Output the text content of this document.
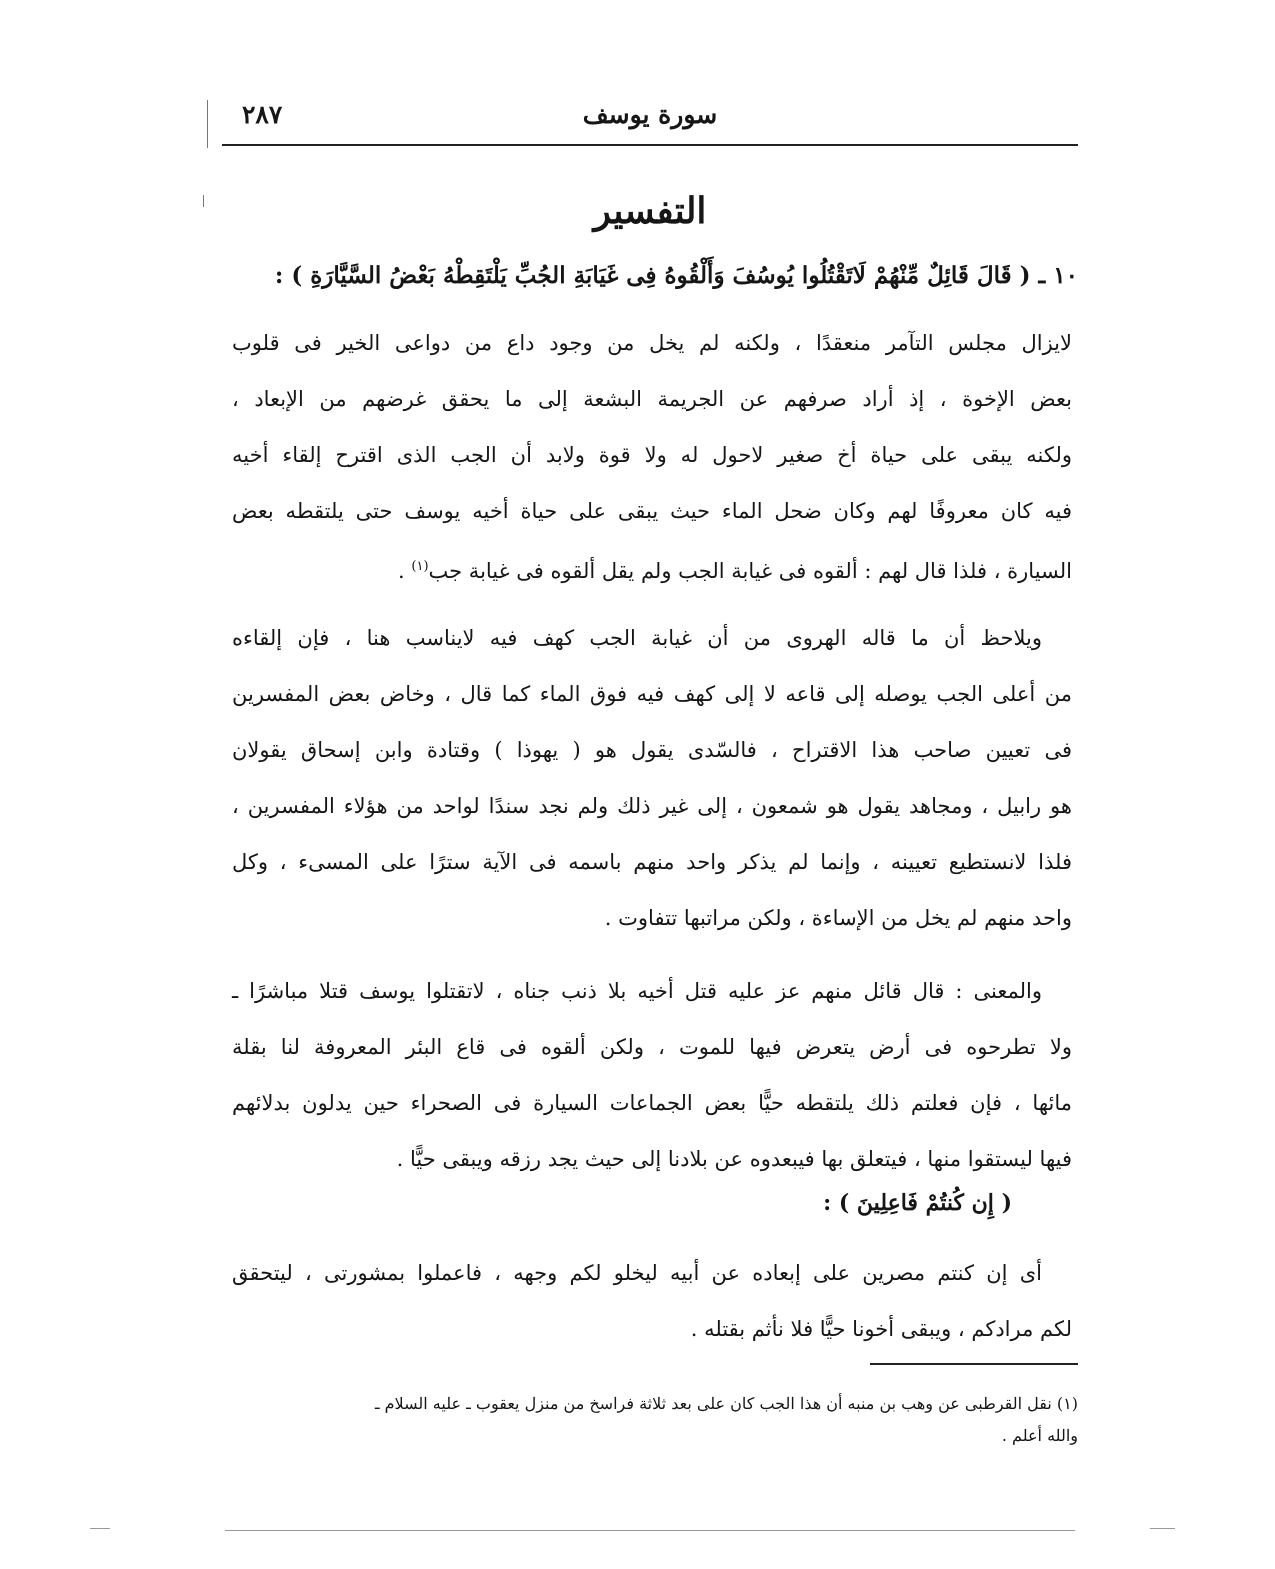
سورة يوسف
٢٨٧
التفسير
١٠ ـ ( قَالَ قَائِلٌ مِّنْهُمْ لَاتَقْتُلُوا يُوسُفَ وَأَلْقُوهُ فِى غَيَابَةِ الجُبِّ يَلْتَقِطْهُ بَعْضُ السَّيَّارَةِ ) :
لايزال مجلس التآمر منعقدًا ، ولكنه لم يخل من وجود داع من دواعى الخير فى قلوب
بعض الإخوة ، إذ أراد صرفهم عن الجريمة البشعة إلى ما يحقق غرضهم من الإبعاد ،
ولكنه يبقى على حياة أخ صغير لاحول له ولا قوة ولابد أن الجب الذى اقترح إلقاء أخيه
فيه كان معروفًا لهم وكان ضحل الماء حيث يبقى على حياة أخيه يوسف حتى يلتقطه بعض
السيارة ، فلذا قال لهم : ألقوه فى غيابة الجب ولم يقل ألقوه فى غيابة جب$^{(١)}$ .
ويلاحظ أن ما قاله الهروى من أن غيابة الجب كهف فيه لايناسب هنا ، فإن إلقاءه
من أعلى الجب يوصله إلى قاعه لا إلى كهف فيه فوق الماء كما قال ، وخاض بعض المفسرين
فى تعيين صاحب هذا الاقتراح ، فالسّدى يقول هو ( يهوذا ) وقتادة وابن إسحاق يقولان
هو رابيل ، ومجاهد يقول هو شمعون ، إلى غير ذلك ولم نجد سندًا لواحد من هؤلاء المفسرين ،
فلذا لانستطيع تعيينه ، وإنما لم يذكر واحد منهم باسمه فى الآية سترًا على المسىء ، وكل
واحد منهم لم يخل من الإساءة ، ولكن مراتبها تتفاوت .
والمعنى : قال قائل منهم عز عليه قتل أخيه بلا ذنب جناه ، لاتقتلوا يوسف قتلا مباشرًا ـ
ولا تطرحوه فى أرض يتعرض فيها للموت ، ولكن ألقوه فى قاع البئر المعروفة لنا بقلة
مائها ، فإن فعلتم ذلك يلتقطه حيًّا بعض الجماعات السيارة فى الصحراء حين يدلون بدلائهم
فيها ليستقوا منها ، فيتعلق بها فيبعدوه عن بلادنا إلى حيث يجد رزقه ويبقى حيًّا .
( إِن كُنتُمْ فَاعِلِينَ ) :
أى إن كنتم مصرين على إبعاده عن أبيه ليخلو لكم وجهه ، فاعملوا بمشورتى ، ليتحقق
لكم مرادكم ، ويبقى أخونا حيًّا فلا نأثم بقتله .
(١) نقل القرطبى عن وهب بن منبه أن هذا الجب كان على بعد ثلاثة فراسخ من منزل يعقوب ـ عليه السلام ـ
والله أعلم .
